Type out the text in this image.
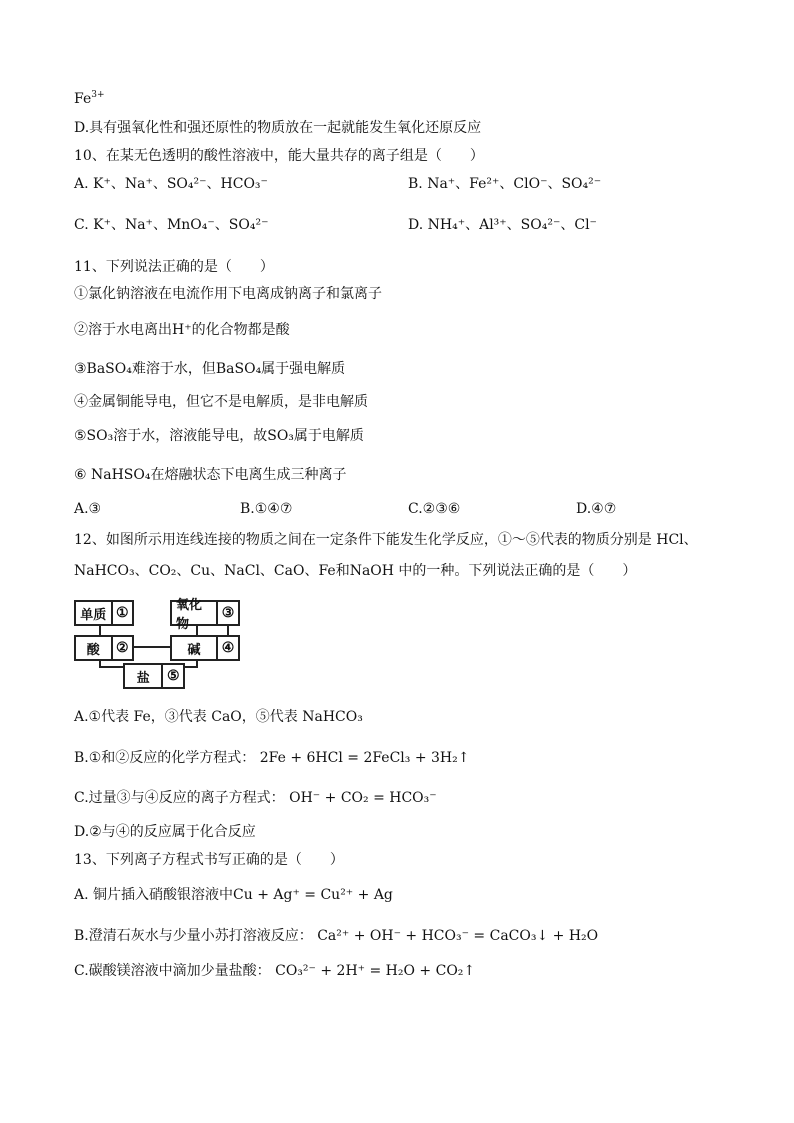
$Fe^{3+}$
D.具有强氧化性和强还原性的物质放在一起就能发生氧化还原反应
10、在某无色透明的酸性溶液中，能大量共存的离子组是（　　）
A. K⁺、Na⁺、SO₄²⁻、HCO₃⁻	B. Na⁺、Fe²⁺、ClO⁻、SO₄²⁻
C. K⁺、Na⁺、MnO₄⁻、SO₄²⁻	D. NH₄⁺、Al³⁺、SO₄²⁻、Cl⁻
11、下列说法正确的是（　　）
①氯化钠溶液在电流作用下电离成钠离子和氯离子
②溶于水电离出H⁺的化合物都是酸
③BaSO₄难溶于水，但BaSO₄属于强电解质
④金属铜能导电，但它不是电解质，是非电解质
⑤SO₃溶于水，溶液能导电，故SO₃属于电解质
⑥ NaHSO₄在熔融状态下电离生成三种离子
A.③	B.①④⑦	C.②③⑥	D.④⑦
12、如图所示用连线连接的物质之间在一定条件下能发生化学反应，①～⑤代表的物质分别是 HCl、
NaHCO₃、CO₂、Cu、NaCl、CaO、Fe和NaOH 中的一种。下列说法正确的是（　　）
单质 ①	氧化物
③
酸	②	碱	④
盐	⑤
A.①代表 Fe，③代表 CaO，⑤代表 NaHCO₃
B.①和②反应的化学方程式： 2Fe + 6HCl = 2FeCl₃ + 3H₂↑
C.过量③与④反应的离子方程式： OH⁻ + CO₂ = HCO₃⁻
D.②与④的反应属于化合反应
13、下列离子方程式书写正确的是（　　）
A. 铜片插入硝酸银溶液中Cu + Ag⁺ = Cu²⁺ + Ag
B.澄清石灰水与少量小苏打溶液反应： Ca²⁺ + OH⁻ + HCO₃⁻ = CaCO₃↓ + H₂O
C.碳酸镁溶液中滴加少量盐酸： CO₃²⁻ + 2H⁺ = H₂O + CO₂↑
